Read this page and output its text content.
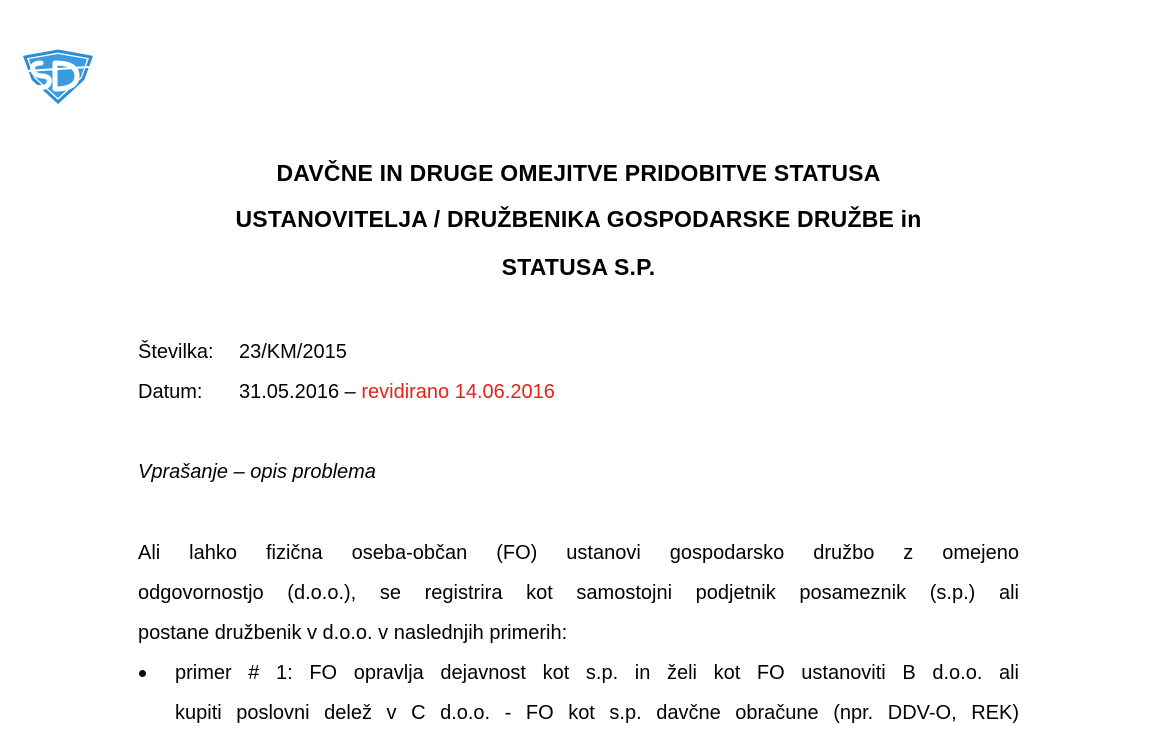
DAVČNE IN DRUGE OMEJITVE PRIDOBITVE STATUSA
USTANOVITELJA / DRUŽBENIKA GOSPODARSKE DRUŽBE in
STATUSA S.P.
Številka: 23/KM/2015
Datum: 31.05.2016 – revidirano 14.06.2016
Vprašanje – opis problema
Ali lahko fizična oseba-občan (FO) ustanovi gospodarsko družbo z omejeno
odgovornostjo (d.o.o.), se registrira kot samostojni podjetnik posameznik (s.p.) ali
postane družbenik v d.o.o. v naslednjih primerih:
primer # 1: FO opravlja dejavnost kot s.p. in želi kot FO ustanoviti B d.o.o. ali
kupiti poslovni delež v C d.o.o. - FO kot s.p. davčne obračune (npr. DDV-O, REK)
